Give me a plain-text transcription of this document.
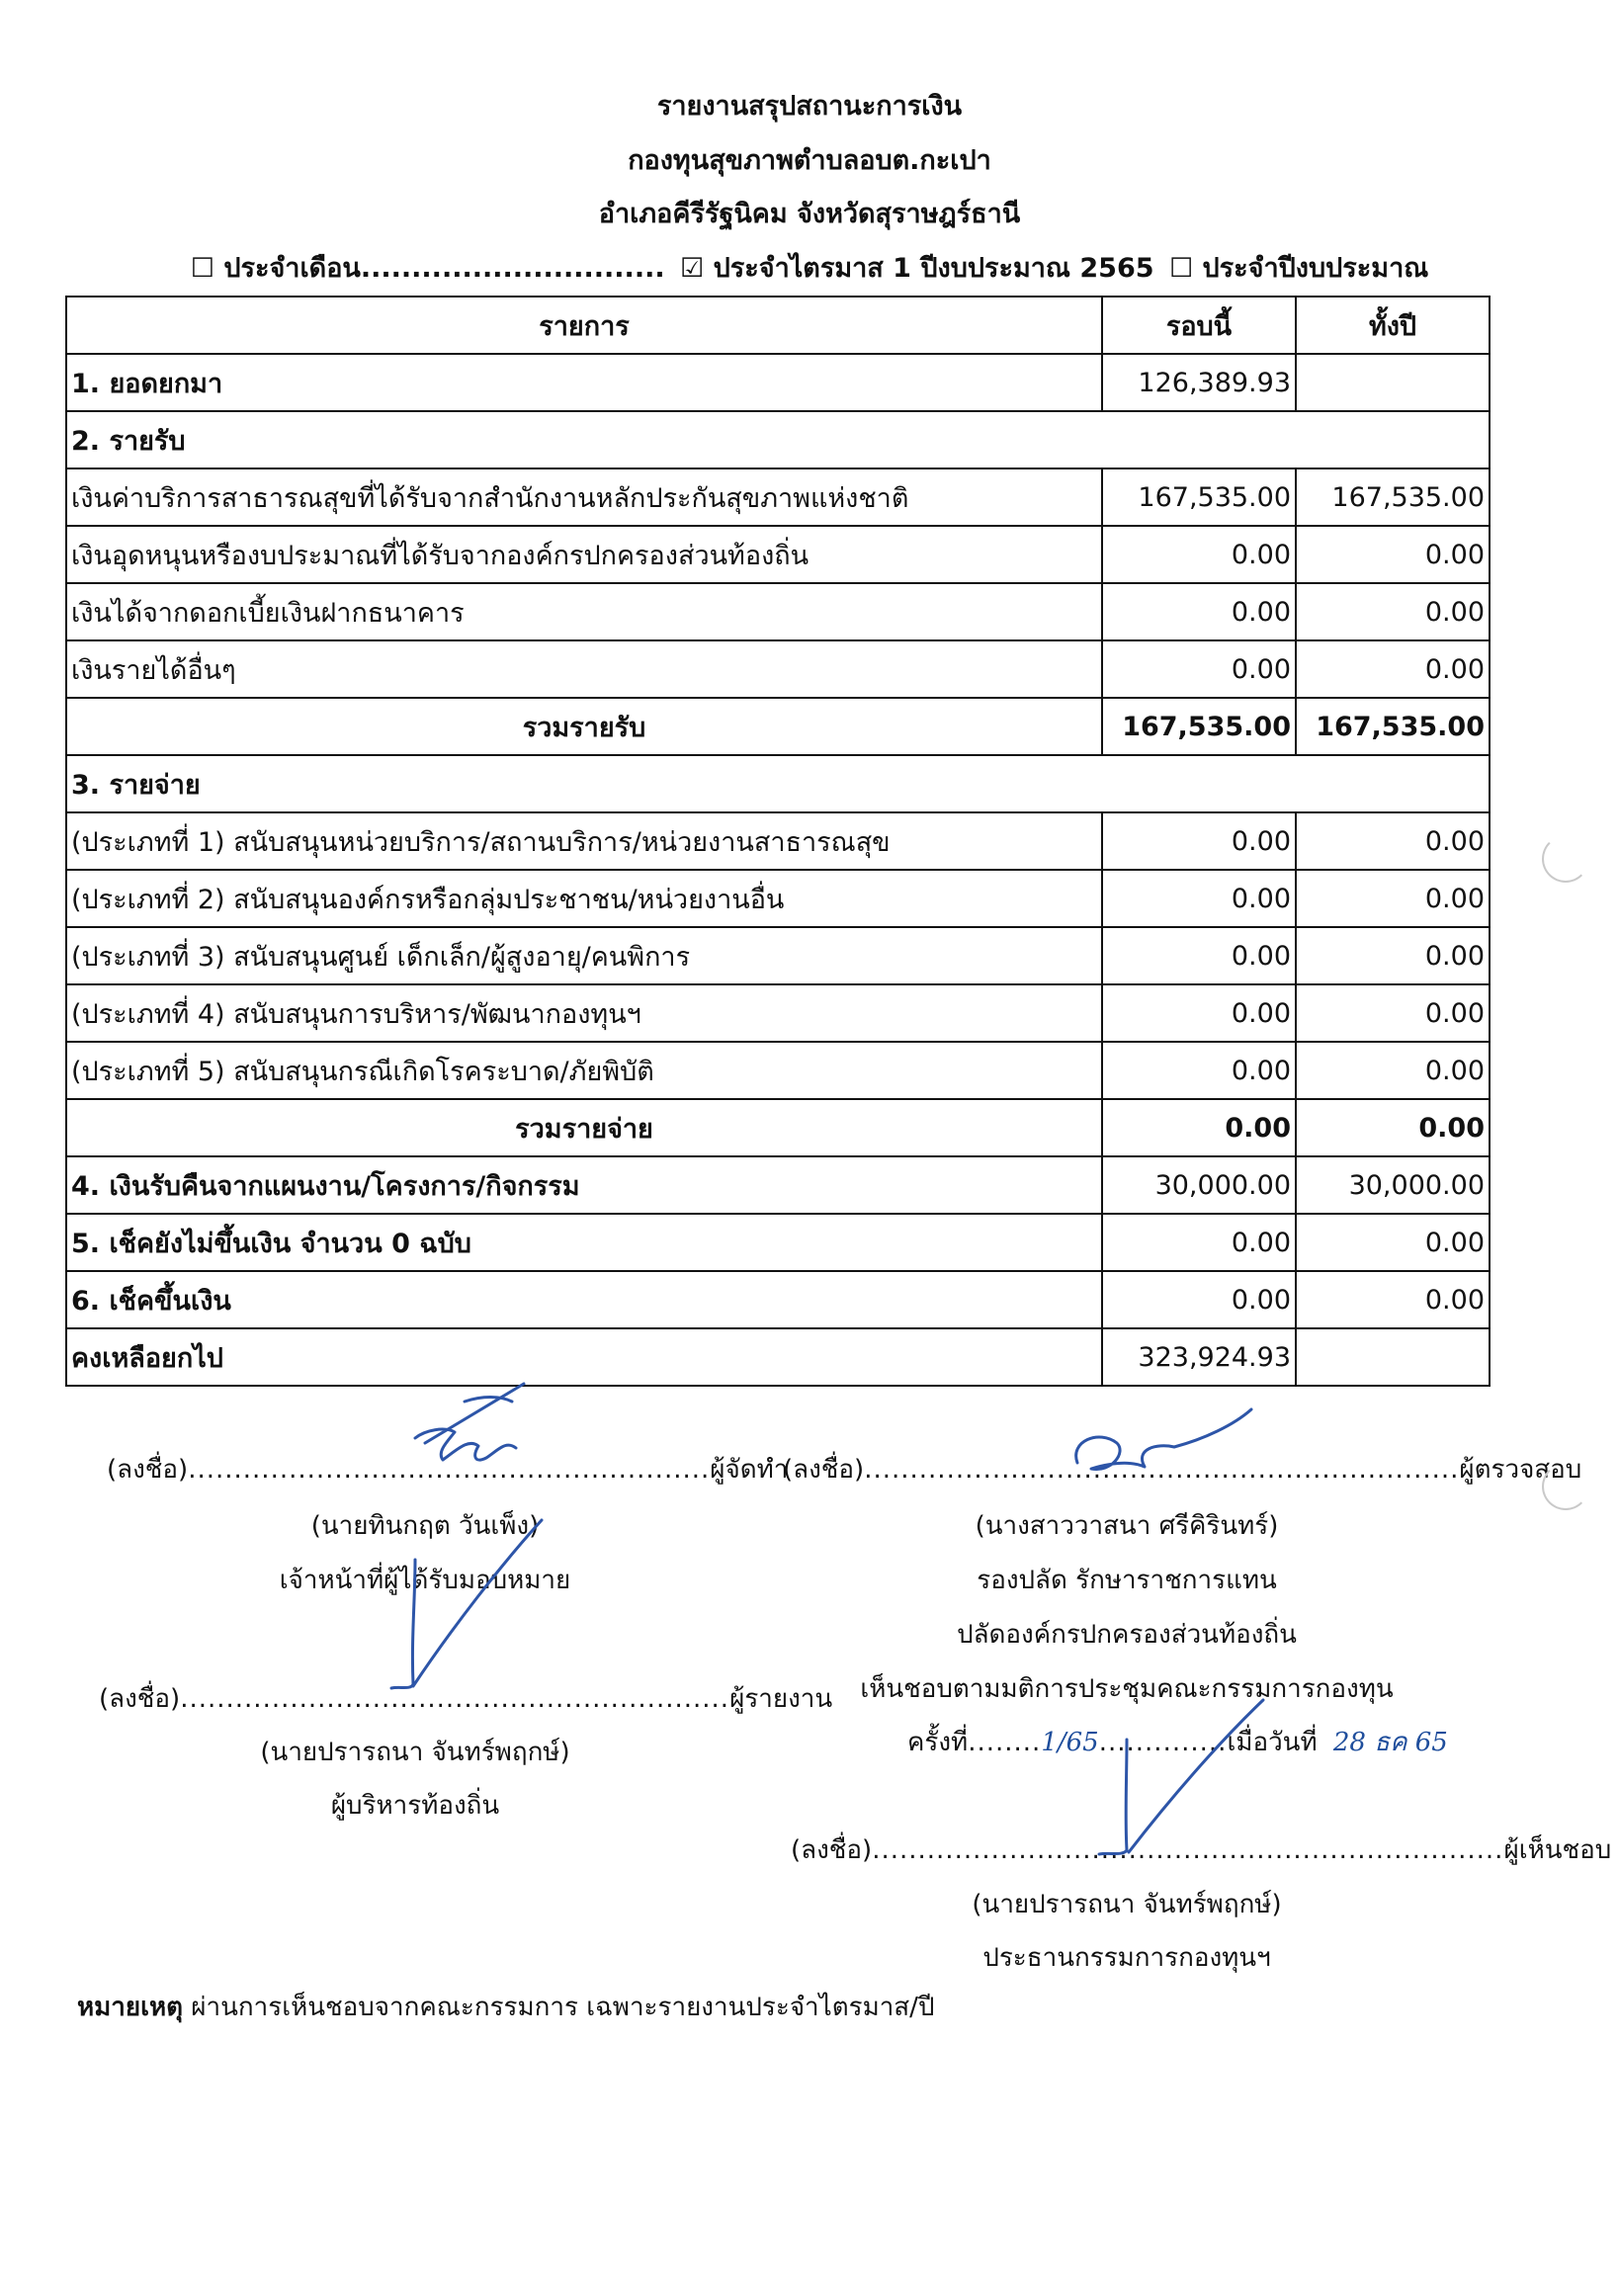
รายงานสรุปสถานะการเงิน
กองทุนสุขภาพตำบลอบต.กะเปา
อำเภอคีรีรัฐนิคม จังหวัดสุราษฎร์ธานี
☐ ประจำเดือน.............................. ☑ ประจำไตรมาส 1 ปีงบประมาณ 2565 ☐ ประจำปีงบประมาณ
รายการ	รอบนี้	ทั้งปี
1. ยอดยกมา	126,389.93	
2. รายรับ		
เงินค่าบริการสาธารณสุขที่ได้รับจากสำนักงานหลักประกันสุขภาพแห่งชาติ	167,535.00	167,535.00
เงินอุดหนุนหรืองบประมาณที่ได้รับจากองค์กรปกครองส่วนท้องถิ่น	0.00	0.00
เงินได้จากดอกเบี้ยเงินฝากธนาคาร	0.00	0.00
เงินรายได้อื่นๆ	0.00	0.00
รวมรายรับ	167,535.00	167,535.00
3. รายจ่าย		
(ประเภทที่ 1) สนับสนุนหน่วยบริการ/สถานบริการ/หน่วยงานสาธารณสุข	0.00	0.00
(ประเภทที่ 2) สนับสนุนองค์กรหรือกลุ่มประชาชน/หน่วยงานอื่น	0.00	0.00
(ประเภทที่ 3) สนับสนุนศูนย์ เด็กเล็ก/ผู้สูงอายุ/คนพิการ	0.00	0.00
(ประเภทที่ 4) สนับสนุนการบริหาร/พัฒนากองทุนฯ	0.00	0.00
(ประเภทที่ 5) สนับสนุนกรณีเกิดโรคระบาด/ภัยพิบัติ	0.00	0.00
รวมรายจ่าย	0.00	0.00
4. เงินรับคืนจากแผนงาน/โครงการ/กิจกรรม	30,000.00	30,000.00
5. เช็คยังไม่ขึ้นเงิน จำนวน 0 ฉบับ	0.00	0.00
6. เช็คขึ้นเงิน	0.00	0.00
คงเหลือยกไป	323,924.93	
(ลงชื่อ).........................................................ผู้จัดทำ
(นายทินกฤต วันเพ็ง)
เจ้าหน้าที่ผู้ได้รับมอบหมาย
(ลงชื่อ)............................................................ผู้รายงาน
(นายปรารถนา จันทร์พฤกษ์)
ผู้บริหารท้องถิ่น
(ลงชื่อ).................................................................ผู้ตรวจสอบ
(นางสาววาสนา ศรีคิรินทร์)
รองปลัด รักษาราชการแทน
ปลัดองค์กรปกครองส่วนท้องถิ่น
เห็นชอบตามมติการประชุมคณะกรรมการกองทุน
ครั้งที่........1/65..............เมื่อวันที่ 28 ธค 65
(ลงชื่อ).....................................................................ผู้เห็นชอบ
(นายปรารถนา จันทร์พฤกษ์)
ประธานกรรมการกองทุนฯ
หมายเหตุ ผ่านการเห็นชอบจากคณะกรรมการ เฉพาะรายงานประจำไตรมาส/ปี
